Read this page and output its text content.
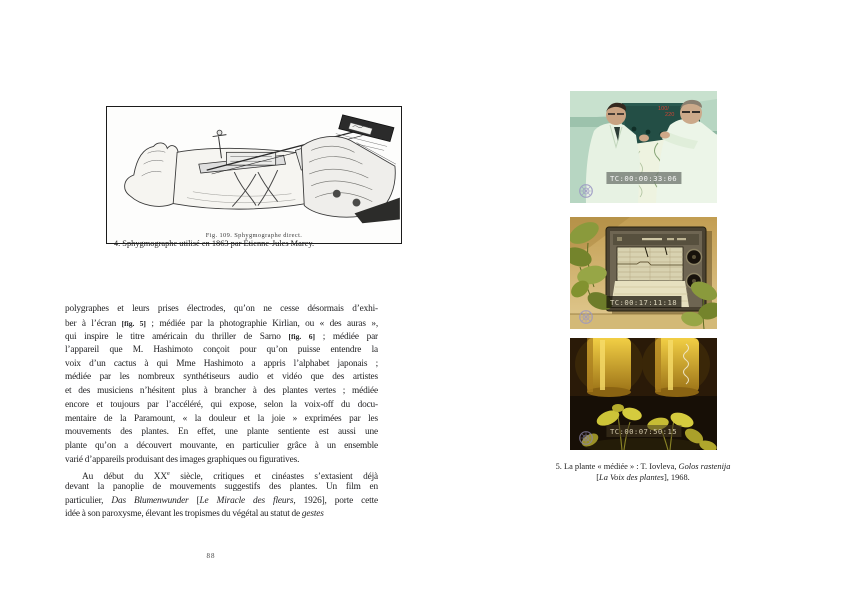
Fig. 109. Sphygmographe direct.
4. Sphygmographe utilisé en 1863 par Étienne-Jules Marey.
polygraphes et leurs prises électrodes, qu’on ne cesse désormais d’exhi-
ber à l’écran [fig. 5] ; médiée par la photographie Kirlian, ou « des auras »,
qui inspire le titre américain du thriller de Sarno [fig. 6] ; médiée par
l’appareil que M. Hashimoto conçoit pour qu’on puisse entendre la
voix d’un cactus à qui Mme Hashimoto a appris l’alphabet japonais ;
médiée par les nombreux synthétiseurs audio et vidéo que des artistes
et des musiciens n’hésitent plus à brancher à des plantes vertes ; médiée
encore et toujours par l’accéléré, qui expose, selon la voix-off du docu-
mentaire de la Paramount, « la douleur et la joie » exprimées par les
mouvements des plantes. En effet, une plante sentiente est aussi une
plante qu’on a découvert mouvante, en particulier grâce à un ensemble
varié d’appareils produisant des images graphiques ou figuratives.
Au début du XXe siècle, critiques et cinéastes s’extasient déjà
devant la panoplie de mouvements suggestifs des plantes. Un film en
particulier, Das Blumenwunder [Le Miracle des fleurs, 1926], porte cette
idée à son paroxysme, élevant les tropismes du végétal au statut de gestes
88
100/
220
TC:00:00:33:06
TC:00:17:11:18
TC:00:07:50:15
5. La plante « médiée » : T. Iovleva, Golos rastenija
[La Voix des plantes], 1968.
